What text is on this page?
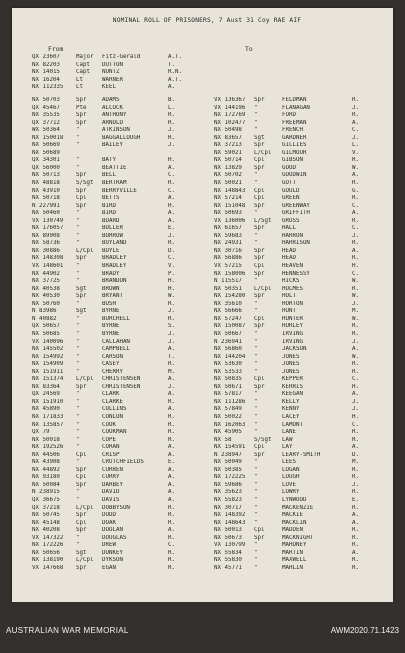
NOMINAL ROLL OF PRISONERS, 7 Aust 31 Coy RAE AIF
From	To
QX 23607	Major	Fitz-Gerald	A.T.
NX 82203	Capt	DUTTON	T.
NX 14015	Capt	NUNTZ	R.N.
NX 16204	Lt	WARNER	A.T.
NX 112335	Lt	KEEL	A.
NX 50703	Spr	ADAMS	B.
QX 45467	Pte	ALCOCK	L.
NX 35535	Spr	ANTHONY	R.
QX 37712	Spr	ARNOLD	R.
WX 50364	"	ATKINSON	J.
NX 150018	"	BAGGALLOUGH	R.
NX 50669	"	BAILEY	J.
NX 50689
QX 34301	"	BATY	H.
QX 56000	"	BEATTIE	A.
NX 50713	Spr	BELL	C.
NX 48818	S/Sgt	BERTRAM	R.
NX 43910	Spr	BERRYVILLE	C.
NX 50718	Cpl	BETTS	A.
N 227991	Spr	BIRD	H.
NX 50460	"	BIRD	A.
VX 130749	"	BOARD	A.
NX 176057	"	BOLLER	E.
NX 89908	"	BORROW	J.
NX 58736	"	BOYLAND	R.
NX 30886	L/Cpl	BOYLE	D.
NX 148308	Spr	BRADLEY	C.
VX 148601	"	BRADLEY	V.
NX 44902	"	BRADY	P.
NX 37725	"	BRANDON	H.
NX 40538	Sgt	BROWN	H.
NX 40530	Spr	BRYANT	W.
NX 50760	"	BUSH	R.
N 83986	Sgt	BYRNE	J.
N 40882	"	BURCHELL	R.
QX 50657	"	BYRNE	S.
NX 50685	"	BYRNE	J.
VX 140096	"	CALLAHAN	J.
NX 145502	"	CAMPBELL	A.
NX 154992	"	CARSON	T.
NX 154909	"	CASEY	R.
NX 151911	"	CHERRY	M.
NX 151374	L/Cpl	CHRISTENSEN	A.
NX 83364	Spr	CHRISTENSEN	J.
QX 24569	"	CLARK	A.
NX 151910	"	CLARKE	R.
NX 45890	"	COLLINS	A.
NX 171833	"	CONLON	R.
NX 135857	"	COOK	R.
QX 79	"	COOKMAN	R.
NX 50018	"	COPE	R.
NX 192526	"	CORAN	A.
NX 44506	Cpl	CRISP	A.
NX 43908	"	CRUTCHFIELDS	E.
NX 44892	Spr	CURREN	A.
NX 93180	Cpl	CURRY	A.
NX 50084	Spr	DARBEY	A.
N 238915	"	DAVID	A.
QX 36675	"	DAVIS	A.
QX 37218	L/Cpl	DOBBYSON	R.
NX 50745	Spr	DODD	R.
NX 45148	Cpl	DOAK	R.
NX 40208	Spr	DOOLAN	A.
VX 147322	"	DOUGLAS	R.
NX 172226	"	DREW	C.
NX 50656	Sgt	DUNKEY	R.
NX 138190	L/Cpl	DYKSON	R.
VX 147668	Spr	EGAN	R.
VX 136367	Spr	FELDMAN	R.
VX 144196	"	FLANAGAN	J.
NX 172769	"	FORD	R.
NX 102477	"	FREEMAN	A.
NX 50498	"	FRENCH	C.
NX 83657	Sgt	GARDNER	J.
NX 37213	Spr	GILLIES	L.
NX 59021	L/Cpl	GILMOUR	V.
NX 50714	Cpl	GIBSON	R.
NX 13829	Spr	GOOD	W.
NX 50702	"	GOODWIN	A.
NX 50021	"	GOTT	R.
NX 148843	Cpl	GOULD	G.
NX 57214	Cpl	GREEN	R.
NX 151048	Spr	GREENWAY	C.
NX 50693	"	GRIFFITH	A.
VX 136006	L/Sgt	GROSS	R.
NX 61657	Spr	HALL	C.
NX 59683	"	HARRON	J.
NX 24931	"	HARRISON	R.
NX 30716	Spr	HEAD	A.
NX 56886	Spr	HEAD	R.
VX 57215	Cpl	HEAVEN	H.
NX 158006	Spr	HENNESSY	C.
N 115517	"	HICKS	W.
NX 50351	L/Cpl	HOLMES	R.
NX 154280	Spr	HOLT	W.
NX 35610	"	HORTON	J.
NX 56666	"	HUNT	M.
NX 57247	Cpl	HUNTER	W.
NX 150087	Spr	HURLEY	R.
NX 50667	"	IRVING	R.
N 236941	"	IRVING	J.
NX 56860	"	JACKSON	A.
NX 144204	"	JONES	W.
NX 53630	"	JONES	R.
NX 53533	"	JONES	R.
NX 50835	Cpl	KEPPER	C.
NX 50671	Spr	KERRIS	H.
NX 57817	"	KEEGAN	A.
NX 111286	"	KELLY	J.
NX 57849	"	KENNY	J.
NX 50022	"	LACEY	H.
NX 162063	"	LAMONT	C.
NX 45905	"	LANE	R.
NX 58	S/Sgt	LAW	R.
NX 154591	Cpl	LAY	A.
N 238947	Spr	LEARY-SMITH	D.
NX 50049	"	LEES	M.
NX 50385	"	LOGAN	R.
NX 172225	"	LOUGH	R.
NX 59686	"	LOVE	J.
NX 35623	"	LOWRY	R.
NX 55823	"	LYNWOOD	E.
NX 30717	"	MACKENZIE	R.
NX 148392	"	MACKIE	A.
NX 148643	"	MACKLIN	A.
NX 50013	Cpl	MADDEN	R.
NX 50673	Spr	MACKNIGHT	R.
VX 130799	"	MAHONEY	R.
NX 55834	"	MARTIN	A.
NX 55830	"	MAXWELL	R.
NX 45771	"	MAHLIN	R.
AUSTRALIAN WAR MEMORIAL	AWM2020.71.1423
